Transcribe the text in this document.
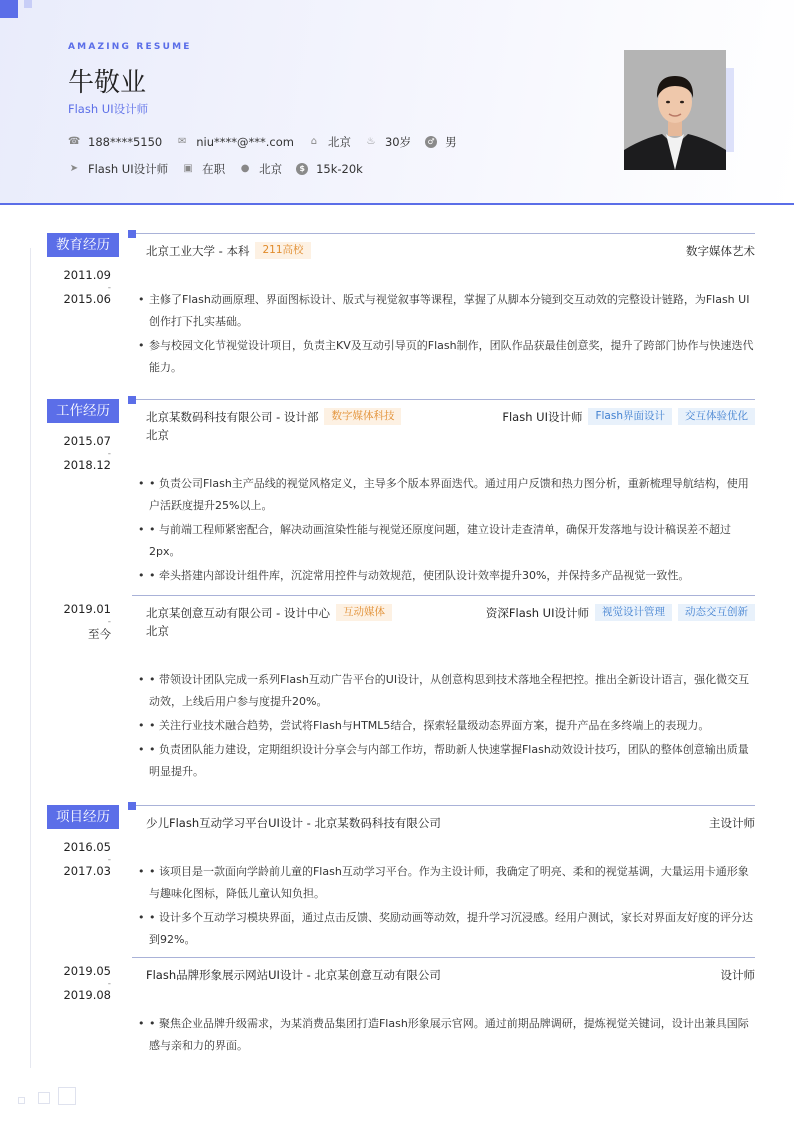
AMAZING RESUME
牛敬业
Flash UI设计师
☎ 188****5150 ✉ niu****@***.com ⌂ 北京 ♨ 30岁	♂ 男
➤ Flash UI设计师 ▣ 在职 ● 北京	$ 15k-20k
教育经历
2011.09
-
2015.06
北京工业大学 - 本科	211高校	数字媒体艺术
• 主修了Flash动画原理、界面图标设计、版式与视觉叙事等课程，掌握了从脚本分镜到交互动效的完整设计链路，为Flash UI创作打下扎实基础。
• 参与校园文化节视觉设计项目，负责主KV及互动引导页的Flash制作，团队作品获最佳创意奖，提升了跨部门协作与快速迭代能力。
工作经历
2015.07
-
2018.12
北京某数码科技有限公司 - 设计部	数字媒体科技	Flash UI设计师	Flash界面设计	交互体验优化
北京
• • 负责公司Flash主产品线的视觉风格定义，主导多个版本界面迭代。通过用户反馈和热力图分析，重新梳理导航结构，使用户活跃度提升25%以上。
• • 与前端工程师紧密配合，解决动画渲染性能与视觉还原度问题，建立设计走查清单，确保开发落地与设计稿误差不超过2px。
• • 牵头搭建内部设计组件库，沉淀常用控件与动效规范，使团队设计效率提升30%，并保持多产品视觉一致性。
2019.01
-
至今
北京某创意互动有限公司 - 设计中心	互动媒体	资深Flash UI设计师	视觉设计管理	动态交互创新
北京
• • 带领设计团队完成一系列Flash互动广告平台的UI设计，从创意构思到技术落地全程把控。推出全新设计语言，强化微交互动效，上线后用户参与度提升20%。
• • 关注行业技术融合趋势，尝试将Flash与HTML5结合，探索轻量级动态界面方案，提升产品在多终端上的表现力。
• • 负责团队能力建设，定期组织设计分享会与内部工作坊，帮助新人快速掌握Flash动效设计技巧，团队的整体创意输出质量明显提升。
项目经历
2016.05
-
2017.03
少儿Flash互动学习平台UI设计 - 北京某数码科技有限公司	主设计师
• • 该项目是一款面向学龄前儿童的Flash互动学习平台。作为主设计师，我确定了明亮、柔和的视觉基调，大量运用卡通形象与趣味化图标，降低儿童认知负担。
• • 设计多个互动学习模块界面，通过点击反馈、奖励动画等动效，提升学习沉浸感。经用户测试，家长对界面友好度的评分达到92%。
2019.05
-
2019.08
Flash品牌形象展示网站UI设计 - 北京某创意互动有限公司	设计师
• • 聚焦企业品牌升级需求，为某消费品集团打造Flash形象展示官网。通过前期品牌调研，提炼视觉关键词，设计出兼具国际感与亲和力的界面。
